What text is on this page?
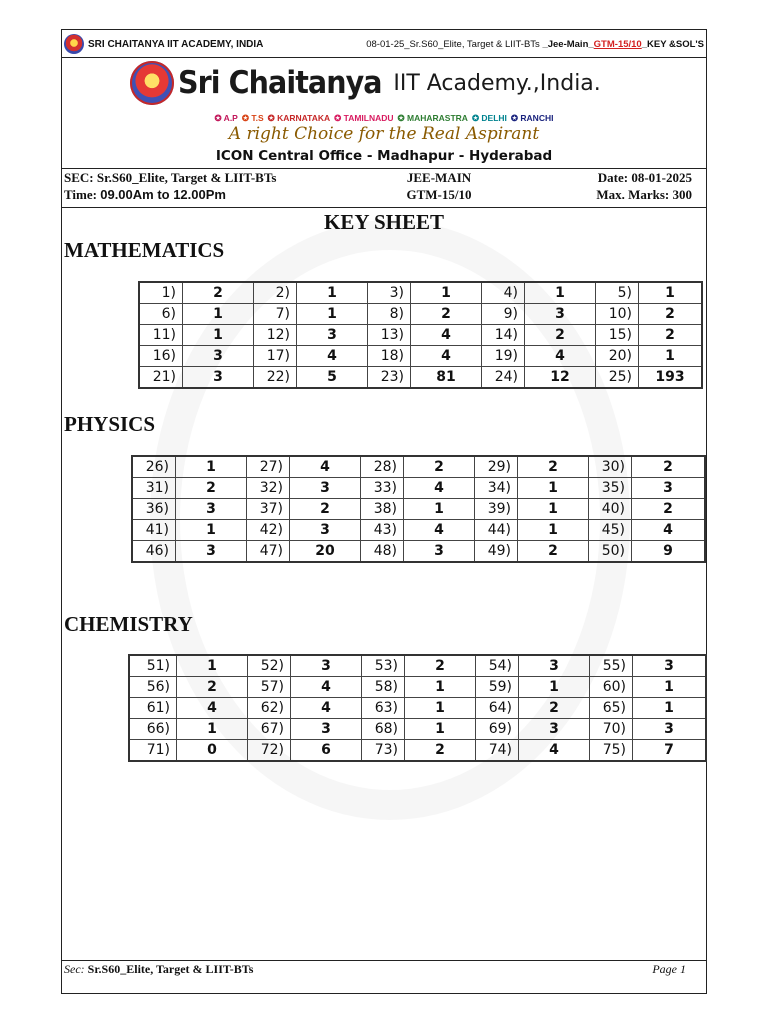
SRI CHAITANYA IIT ACADEMY, INDIA	08-01-25_Sr.S60_Elite, Target & LIIT-BTs _Jee-Main_GTM-15/10_KEY &SOL'S
Sri Chaitanya IIT Academy.,India.
✪ A.P ✪ T.S ✪ KARNATAKA ✪ TAMILNADU ✪ MAHARASTRA ✪ DELHI ✪ RANCHI
A right Choice for the Real Aspirant
ICON Central Office - Madhapur - Hyderabad
SEC: Sr.S60_Elite, Target & LIIT-BTs	JEE-MAIN	Date: 08-01-2025
Time: 09.00Am to 12.00Pm	GTM-15/10	Max. Marks: 300
KEY SHEET
MATHEMATICS
1)	2	2)	1	3)	1	4)	1	5)	1
6)	1	7)	1	8)	2	9)	3	10)	2
11)	1	12)	3	13)	4	14)	2	15)	2
16)	3	17)	4	18)	4	19)	4	20)	1
21)	3	22)	5	23)	81	24)	12	25)	193
PHYSICS
26)	1	27)	4	28)	2	29)	2	30)	2
31)	2	32)	3	33)	4	34)	1	35)	3
36)	3	37)	2	38)	1	39)	1	40)	2
41)	1	42)	3	43)	4	44)	1	45)	4
46)	3	47)	20	48)	3	49)	2	50)	9
CHEMISTRY
51)	1	52)	3	53)	2	54)	3	55)	3
56)	2	57)	4	58)	1	59)	1	60)	1
61)	4	62)	4	63)	1	64)	2	65)	1
66)	1	67)	3	68)	1	69)	3	70)	3
71)	0	72)	6	73)	2	74)	4	75)	7
Sec: Sr.S60_Elite, Target & LIIT-BTs	Page 1
